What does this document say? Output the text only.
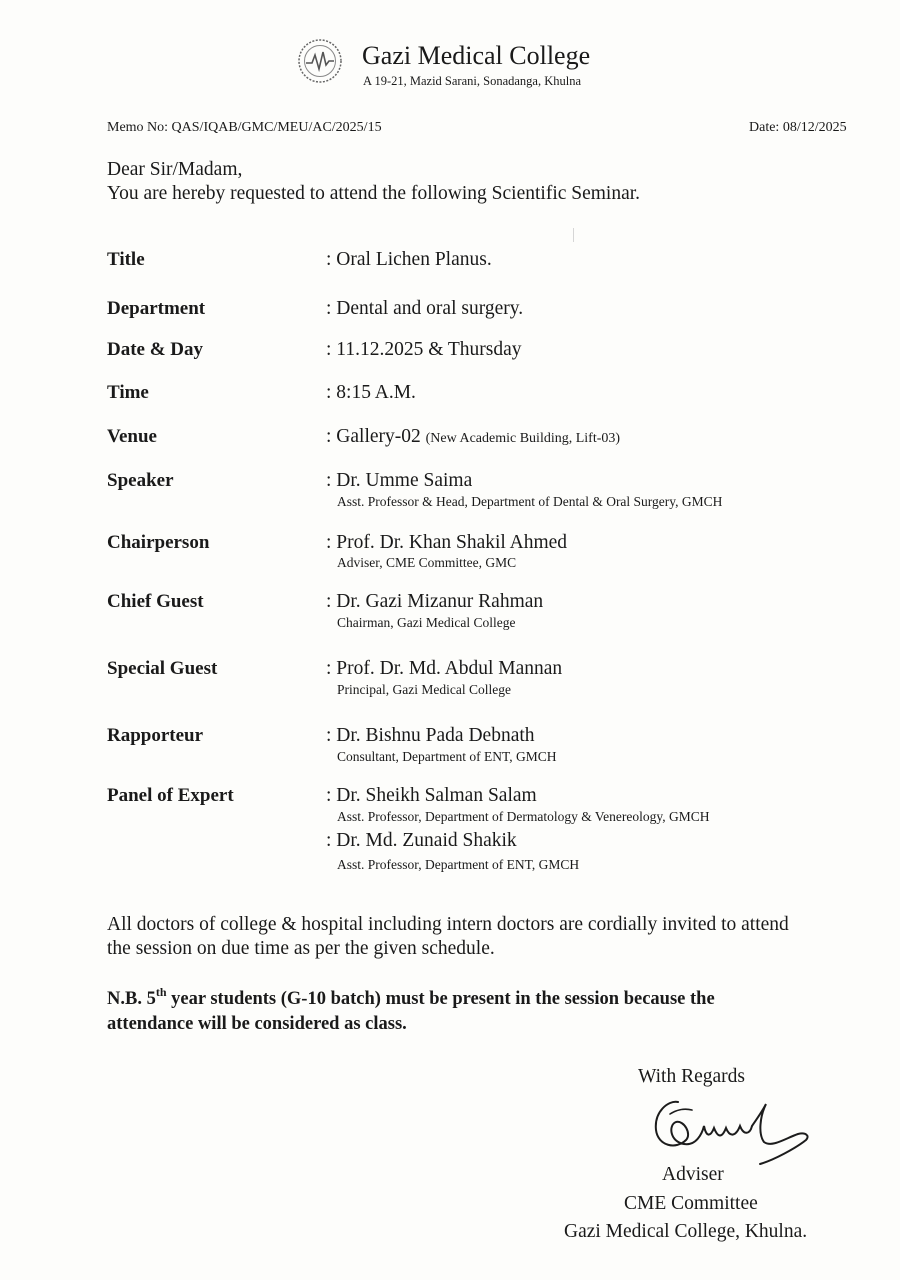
Gazi Medical College
A 19-21, Mazid Sarani, Sonadanga, Khulna
Memo No: QAS/IQAB/GMC/MEU/AC/2025/15	Date: 08/12/2025
Dear Sir/Madam,
You are hereby requested to attend the following Scientific Seminar.
Title	: Oral Lichen Planus.
Department	: Dental and oral surgery.
Date & Day	: 11.12.2025 & Thursday
Time	: 8:15 A.M.
Venue	: Gallery-02 (New Academic Building, Lift-03)
Speaker	: Dr. Umme Saima
Asst. Professor & Head, Department of Dental & Oral Surgery, GMCH
Chairperson	: Prof. Dr. Khan Shakil Ahmed
Adviser, CME Committee, GMC
Chief Guest	: Dr. Gazi Mizanur Rahman
Chairman, Gazi Medical College
Special Guest	: Prof. Dr. Md. Abdul Mannan
Principal, Gazi Medical College
Rapporteur	: Dr. Bishnu Pada Debnath
Consultant, Department of ENT, GMCH
Panel of Expert	: Dr. Sheikh Salman Salam
Asst. Professor, Department of Dermatology & Venereology, GMCH
: Dr. Md. Zunaid Shakik
Asst. Professor, Department of ENT, GMCH
All doctors of college & hospital including intern doctors are cordially invited to attend
the session on due time as per the given schedule.
N.B. 5th year students (G-10 batch) must be present in the session because the
attendance will be considered as class.
With Regards
Adviser
CME Committee
Gazi Medical College, Khulna.
